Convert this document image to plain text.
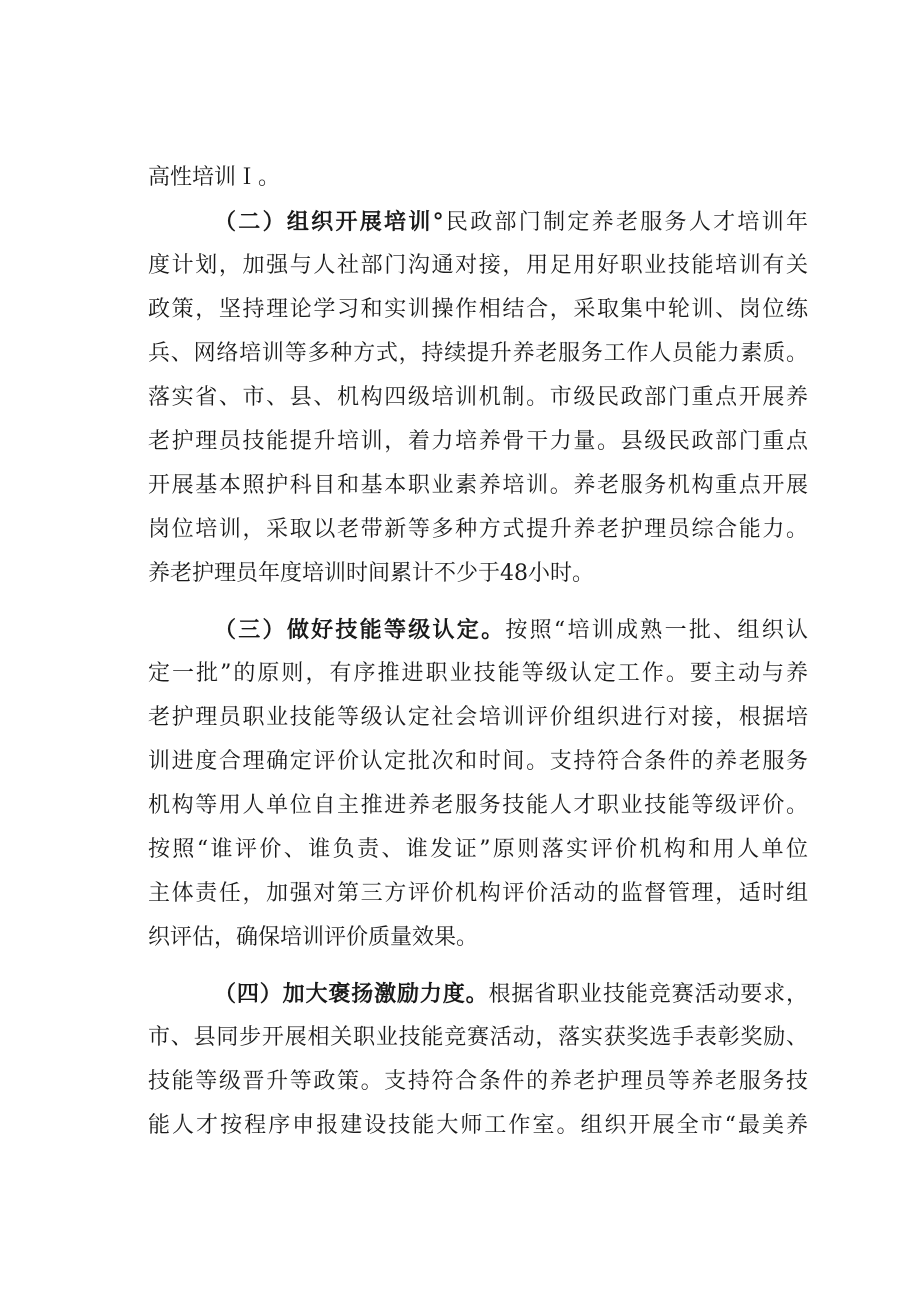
高性培训Ｉ。
（二）组织开展培训°民政部门制定养老服务人才培训年
度计划，加强与人社部门沟通对接，用足用好职业技能培训有关
政策，坚持理论学习和实训操作相结合，采取集中轮训、岗位练
兵、网络培训等多种方式，持续提升养老服务工作人员能力素质。
落实省、市、县、机构四级培训机制。市级民政部门重点开展养
老护理员技能提升培训，着力培养骨干力量。县级民政部门重点
开展基本照护科目和基本职业素养培训。养老服务机构重点开展
岗位培训，采取以老带新等多种方式提升养老护理员综合能力。
养老护理员年度培训时间累计不少于48小时。
（三）做好技能等级认定。按照“培训成熟一批、组织认
定一批”的原则，有序推进职业技能等级认定工作。要主动与养
老护理员职业技能等级认定社会培训评价组织进行对接，根据培
训进度合理确定评价认定批次和时间。支持符合条件的养老服务
机构等用人单位自主推进养老服务技能人才职业技能等级评价。
按照“谁评价、谁负责、谁发证”原则落实评价机构和用人单位
主体责任，加强对第三方评价机构评价活动的监督管理，适时组
织评估，确保培训评价质量效果。
（四）加大褒扬激励力度。根据省职业技能竞赛活动要求，
市、县同步开展相关职业技能竞赛活动，落实获奖选手表彰奖励、
技能等级晋升等政策。支持符合条件的养老护理员等养老服务技
能人才按程序申报建设技能大师工作室。组织开展全市“最美养
